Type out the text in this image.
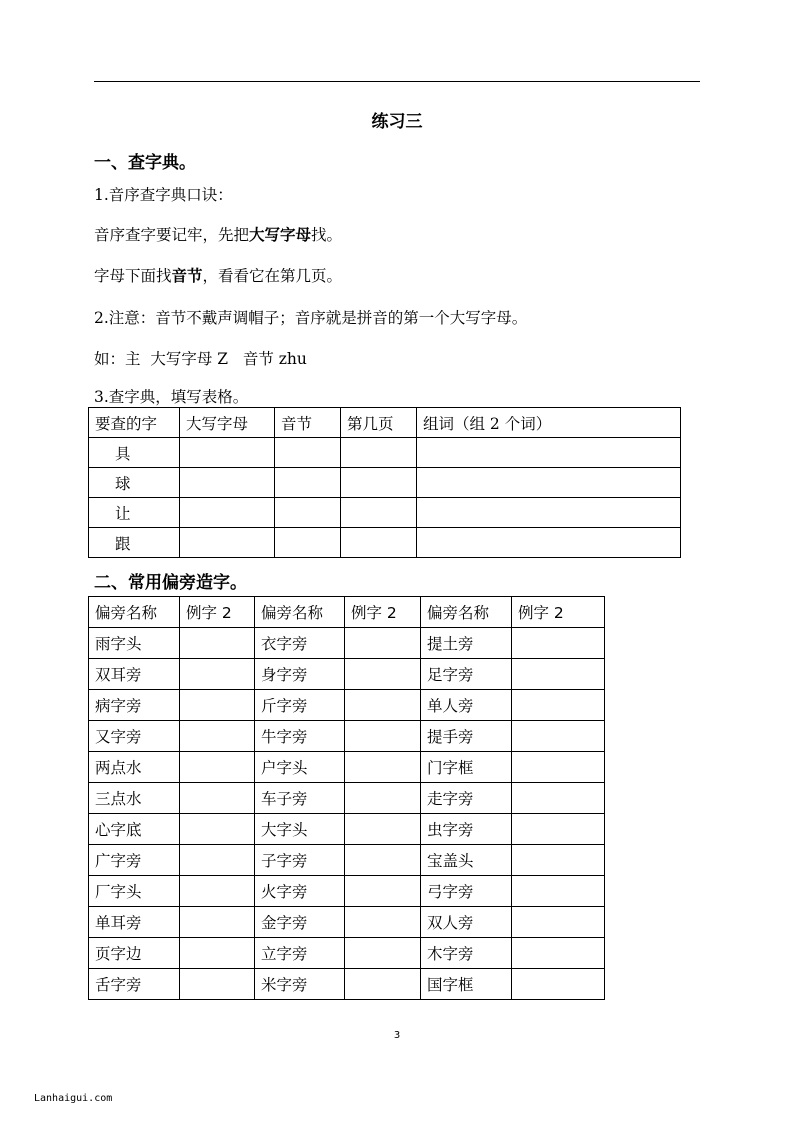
练习三
一、查字典。
1.音序查字典口诀：
音序查字要记牢，先把大写字母找。
字母下面找音节，看看它在第几页。
2.注意：音节不戴声调帽子；音序就是拼音的第一个大写字母。
如：主  大写字母 Z   音节 zhu
3.查字典，填写表格。
要查的字	大写字母	音节	第几页	组词（组 2 个词）
具				
球				
让				
跟				
二、常用偏旁造字。
偏旁名称	例字 2	偏旁名称	例字 2	偏旁名称	例字 2
雨字头		衣字旁		提土旁	
双耳旁		身字旁		足字旁	
病字旁		斤字旁		单人旁	
又字旁		牛字旁		提手旁	
两点水		户字头		门字框	
三点水		车子旁		走字旁	
心字底		大字头		虫字旁	
广字旁		子字旁		宝盖头	
厂字头		火字旁		弓字旁	
单耳旁		金字旁		双人旁	
页字边		立字旁		木字旁	
舌字旁		米字旁		国字框	
3
Lanhaigui.com
